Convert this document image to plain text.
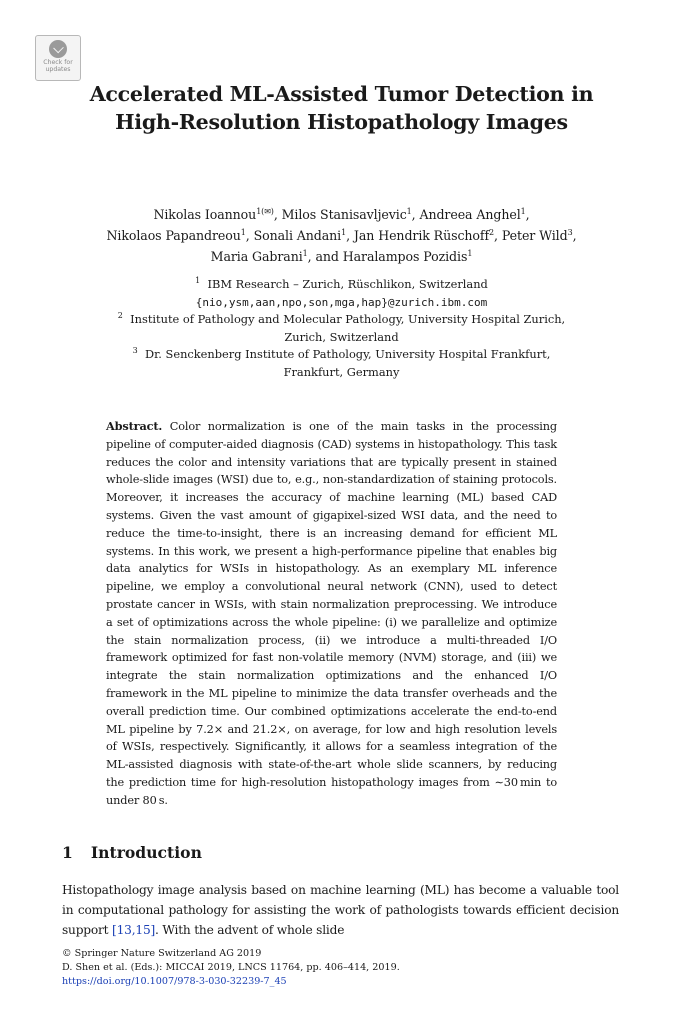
Check for
updates
Accelerated ML-Assisted Tumor Detection in High-Resolution Histopathology Images
Nikolas Ioannou$^{1(✉)}$, Milos Stanisavljevic$^1$, Andreea Anghel$^1$,
Nikolaos Papandreou$^1$, Sonali Andani$^1$, Jan Hendrik Rüschoff$^2$, Peter Wild$^3$,
Maria Gabrani$^1$, and Haralampos Pozidis$^1$
$^1$ IBM Research – Zurich, Rüschlikon, Switzerland
{nio,ysm,aan,npo,son,mga,hap}@zurich.ibm.com
$^2$ Institute of Pathology and Molecular Pathology, University Hospital Zurich,
Zurich, Switzerland
$^3$ Dr. Senckenberg Institute of Pathology, University Hospital Frankfurt,
Frankfurt, Germany
Abstract. Color normalization is one of the main tasks in the processing pipeline of computer-aided diagnosis (CAD) systems in histopathology. This task reduces the color and intensity variations that are typically present in stained whole-slide images (WSI) due to, e.g., non-standardization of staining protocols. Moreover, it increases the accuracy of machine learning (ML) based CAD systems. Given the vast amount of gigapixel-sized WSI data, and the need to reduce the time-to-insight, there is an increasing demand for efficient ML systems. In this work, we present a high-performance pipeline that enables big data analytics for WSIs in histopathology. As an exemplary ML inference pipeline, we employ a convolutional neural network (CNN), used to detect prostate cancer in WSIs, with stain normalization preprocessing. We introduce a set of optimizations across the whole pipeline: (i) we parallelize and optimize the stain normalization process, (ii) we introduce a multi-threaded I/O framework optimized for fast non-volatile memory (NVM) storage, and (iii) we integrate the stain normalization optimizations and the enhanced I/O framework in the ML pipeline to minimize the data transfer overheads and the overall prediction time. Our combined optimizations accelerate the end-to-end ML pipeline by 7.2× and 21.2×, on average, for low and high resolution levels of WSIs, respectively. Significantly, it allows for a seamless integration of the ML-assisted diagnosis with state-of-the-art whole slide scanners, by reducing the prediction time for high-resolution histopathology images from ∼30 min to under 80 s.
1 Introduction
Histopathology image analysis based on machine learning (ML) has become a valuable tool in computational pathology for assisting the work of pathologists towards efficient decision support [13,15]. With the advent of whole slide
© Springer Nature Switzerland AG 2019
D. Shen et al. (Eds.): MICCAI 2019, LNCS 11764, pp. 406–414, 2019.
https://doi.org/10.1007/978-3-030-32239-7_45
